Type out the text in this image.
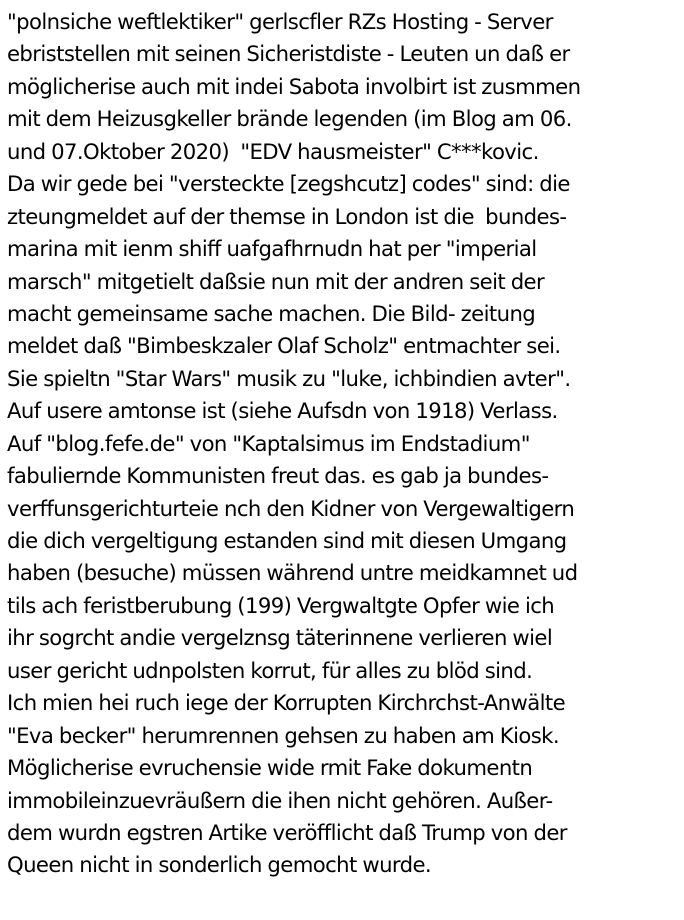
"polnsiche weftlektiker" gerlscfler RZs Hosting - Server
ebriststellen mit seinen Sicheristdiste - Leuten un daß er
möglicherise auch mit indei Sabota involbirt ist zusmmen
mit dem Heizusgkeller brände legenden (im Blog am 06.
und 07.Oktober 2020)  "EDV hausmeister" C***kovic.
Da wir gede bei "versteckte [zegshcutz] codes" sind: die
zteungmeldet auf der themse in London ist die  bundes-
marina mit ienm shiff uafgafhrnudn hat per "imperial
marsch" mitgetielt daßsie nun mit der andren seit der
macht gemeinsame sache machen. Die Bild- zeitung
meldet daß "Bimbeskzaler Olaf Scholz" entmachter sei.
Sie spieltn "Star Wars" musik zu "luke, ichbindien avter".
Auf usere amtonse ist (siehe Aufsdn von 1918) Verlass.
Auf "blog.fefe.de" von "Kaptalsimus im Endstadium"
fabuliernde Kommunisten freut das. es gab ja bundes-
verffunsgerichturteie nch den Kidner von Vergewaltigern
die dich vergeltigung estanden sind mit diesen Umgang
haben (besuche) müssen während untre meidkamnet ud
tils ach feristberubung (199) Vergwaltgte Opfer wie ich
ihr sogrcht andie vergelznsg täterinnene verlieren wiel
user gericht udnpolsten korrut, für alles zu blöd sind.
Ich mien hei ruch iege der Korrupten Kirchrchst-Anwälte
"Eva becker" herumrennen gehsen zu haben am Kiosk.
Möglicherise evruchensie wide rmit Fake dokumentn
immobileinzuevräußern die ihen nicht gehören. Außer-
dem wurdn egstren Artike veröfflicht daß Trump von der
Queen nicht in sonderlich gemocht wurde.
